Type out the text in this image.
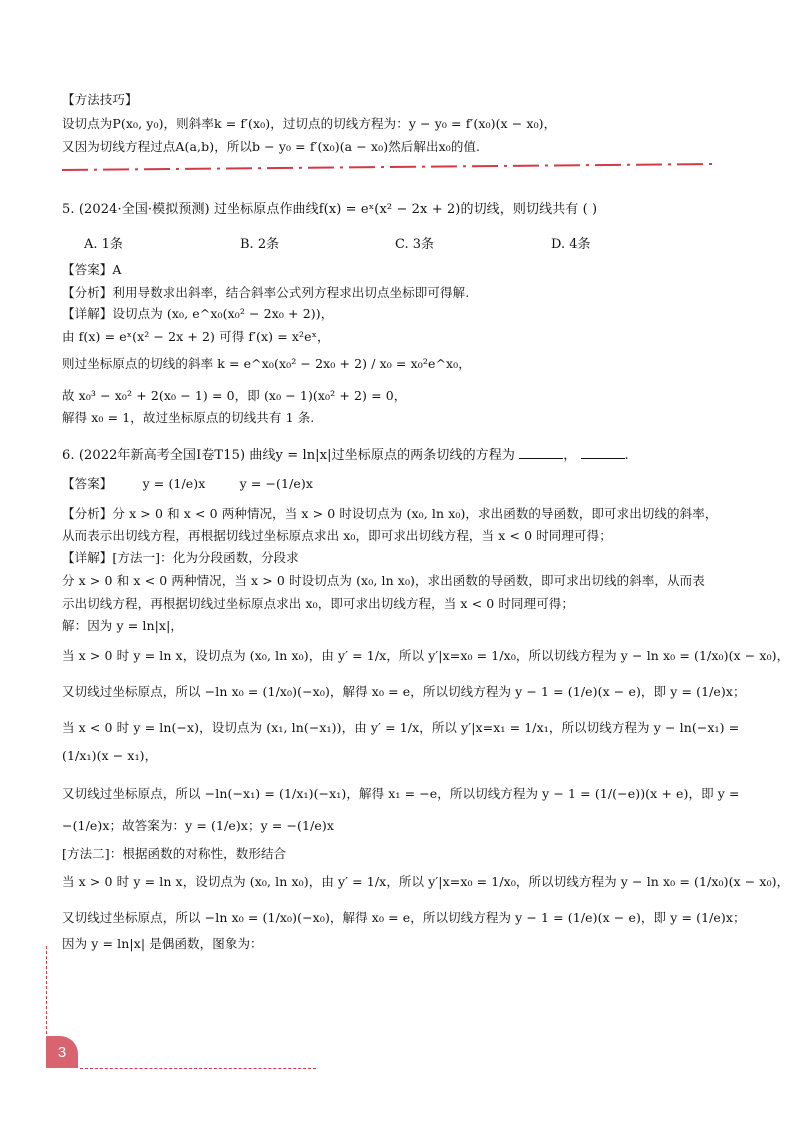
【方法技巧】
设切点为P(x₀, y₀)，则斜率k = f′(x₀)，过切点的切线方程为：y − y₀ = f′(x₀)(x − x₀)，
又因为切线方程过点A(a,b)，所以b − y₀ = f′(x₀)(a − x₀)然后解出x₀的值.
5. (2024·全国·模拟预测) 过坐标原点作曲线f(x) = eˣ(x² − 2x + 2)的切线，则切线共有 ( )
A. 1条	B. 2条	C. 3条	D. 4条
【答案】A
【分析】利用导数求出斜率，结合斜率公式列方程求出切点坐标即可得解.
【详解】设切点为 (x₀, e^x₀(x₀² − 2x₀ + 2))，
由 f(x) = eˣ(x² − 2x + 2) 可得 f′(x) = x²eˣ，
则过坐标原点的切线的斜率 k = e^x₀(x₀² − 2x₀ + 2) / x₀ = x₀²e^x₀，
故 x₀³ − x₀² + 2(x₀ − 1) = 0，即 (x₀ − 1)(x₀² + 2) = 0，
解得 x₀ = 1，故过坐标原点的切线共有 1 条.
6. (2022年新高考全国Ⅰ卷T15) 曲线y = ln|x|过坐标原点的两条切线的方程为	，	.
【答案】 y = (1/e)x	y = −(1/e)x
【分析】分 x > 0 和 x < 0 两种情况，当 x > 0 时设切点为 (x₀, ln x₀)，求出函数的导函数，即可求出切线的斜率，
从而表示出切线方程，再根据切线过坐标原点求出 x₀，即可求出切线方程，当 x < 0 时同理可得；
【详解】[方法一]：化为分段函数，分段求
分 x > 0 和 x < 0 两种情况，当 x > 0 时设切点为 (x₀, ln x₀)，求出函数的导函数，即可求出切线的斜率，从而表
示出切线方程，再根据切线过坐标原点求出 x₀，即可求出切线方程，当 x < 0 时同理可得；
解：因为 y = ln|x|，
当 x > 0 时 y = ln x，设切点为 (x₀, ln x₀)，由 y′ = 1/x，所以 y′|x=x₀ = 1/x₀，所以切线方程为 y − ln x₀ = (1/x₀)(x − x₀)，
又切线过坐标原点，所以 −ln x₀ = (1/x₀)(−x₀)，解得 x₀ = e，所以切线方程为 y − 1 = (1/e)(x − e)，即 y = (1/e)x；
当 x < 0 时 y = ln(−x)，设切点为 (x₁, ln(−x₁))，由 y′ = 1/x，所以 y′|x=x₁ = 1/x₁，所以切线方程为 y − ln(−x₁) =
(1/x₁)(x − x₁)，
又切线过坐标原点，所以 −ln(−x₁) = (1/x₁)(−x₁)，解得 x₁ = −e，所以切线方程为 y − 1 = (1/(−e))(x + e)，即 y =
−(1/e)x；故答案为：y = (1/e)x；y = −(1/e)x
[方法二]：根据函数的对称性，数形结合
当 x > 0 时 y = ln x，设切点为 (x₀, ln x₀)，由 y′ = 1/x，所以 y′|x=x₀ = 1/x₀，所以切线方程为 y − ln x₀ = (1/x₀)(x − x₀)，
又切线过坐标原点，所以 −ln x₀ = (1/x₀)(−x₀)，解得 x₀ = e，所以切线方程为 y − 1 = (1/e)(x − e)，即 y = (1/e)x；
因为 y = ln|x| 是偶函数，图象为：
3
